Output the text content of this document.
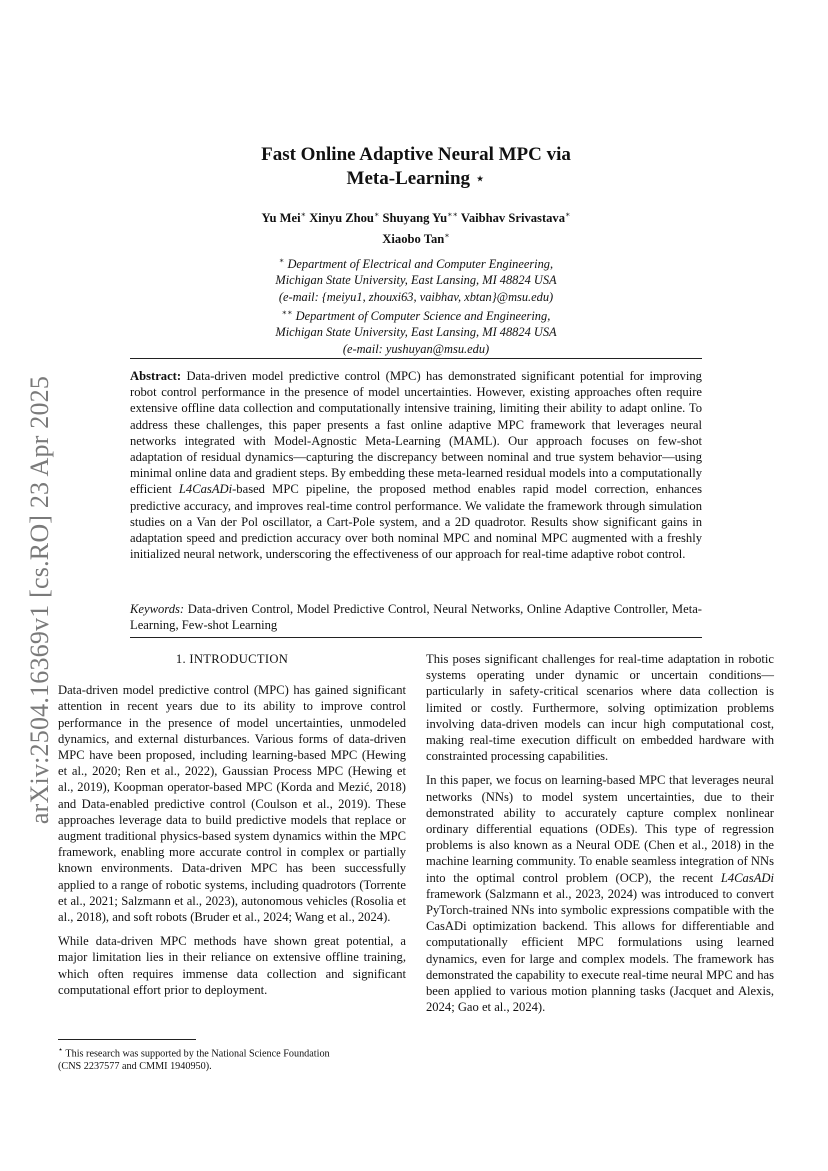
arXiv:2504.16369v1 [cs.RO] 23 Apr 2025
Fast Online Adaptive Neural MPC via
Meta-Learning ⋆
Yu Mei∗ Xinyu Zhou∗ Shuyang Yu∗∗ Vaibhav Srivastava∗
Xiaobo Tan∗
∗ Department of Electrical and Computer Engineering,
Michigan State University, East Lansing, MI 48824 USA
(e-mail: {meiyu1, zhouxi63, vaibhav, xbtan}@msu.edu)
∗∗ Department of Computer Science and Engineering,
Michigan State University, East Lansing, MI 48824 USA
(e-mail: yushuyan@msu.edu)
Abstract: Data-driven model predictive control (MPC) has demonstrated significant potential for improving robot control performance in the presence of model uncertainties. However, existing approaches often require extensive offline data collection and computationally intensive training, limiting their ability to adapt online. To address these challenges, this paper presents a fast online adaptive MPC framework that leverages neural networks integrated with Model-Agnostic Meta-Learning (MAML). Our approach focuses on few-shot adaptation of residual dynamics—capturing the discrepancy between nominal and true system behavior—using minimal online data and gradient steps. By embedding these meta-learned residual models into a computationally efficient L4CasADi-based MPC pipeline, the proposed method enables rapid model correction, enhances predictive accuracy, and improves real-time control performance. We validate the framework through simulation studies on a Van der Pol oscillator, a Cart-Pole system, and a 2D quadrotor. Results show significant gains in adaptation speed and prediction accuracy over both nominal MPC and nominal MPC augmented with a freshly initialized neural network, underscoring the effectiveness of our approach for real-time adaptive robot control.
Keywords: Data-driven Control, Model Predictive Control, Neural Networks, Online Adaptive Controller, Meta-Learning, Few-shot Learning
1. INTRODUCTION

Data-driven model predictive control (MPC) has gained significant attention in recent years due to its ability to improve control performance in the presence of model uncertainties, unmodeled dynamics, and external disturbances. Various forms of data-driven MPC have been proposed, including learning-based MPC (Hewing et al., 2020; Ren et al., 2022), Gaussian Process MPC (Hewing et al., 2019), Koopman operator-based MPC (Korda and Mezić, 2018) and Data-enabled predictive control (Coulson et al., 2019). These approaches leverage data to build predictive models that replace or augment traditional physics-based system dynamics within the MPC framework, enabling more accurate control in complex or partially known environments. Data-driven MPC has been successfully applied to a range of robotic systems, including quadrotors (Torrente et al., 2021; Salzmann et al., 2023), autonomous vehicles (Rosolia et al., 2018), and soft robots (Bruder et al., 2024; Wang et al., 2024).

While data-driven MPC methods have shown great potential, a major limitation lies in their reliance on extensive offline training, which often requires immense data collection and significant computational effort prior to deployment.

This poses significant challenges for real-time adaptation in robotic systems operating under dynamic or uncertain conditions—particularly in safety-critical scenarios where data collection is limited or costly. Furthermore, solving optimization problems involving data-driven models can incur high computational cost, making real-time execution difficult on embedded hardware with constrainted processing capabilities.

In this paper, we focus on learning-based MPC that leverages neural networks (NNs) to model system uncertainties, due to their demonstrated ability to accurately capture complex nonlinear ordinary differential equations (ODEs). This type of regression problems is also known as a Neural ODE (Chen et al., 2018) in the machine learning community. To enable seamless integration of NNs into the optimal control problem (OCP), the recent L4CasADi framework (Salzmann et al., 2023, 2024) was introduced to convert PyTorch-trained NNs into symbolic expressions compatible with the CasADi optimization backend. This allows for differentiable and computationally efficient MPC formulations using learned dynamics, even for large and complex models. The framework has demonstrated the capability to execute real-time neural MPC and has been applied to various motion planning tasks (Jacquet and Alexis, 2024; Gao et al., 2024).

⋆ This research was supported by the National Science Foundation
(CNS 2237577 and CMMI 1940950).
